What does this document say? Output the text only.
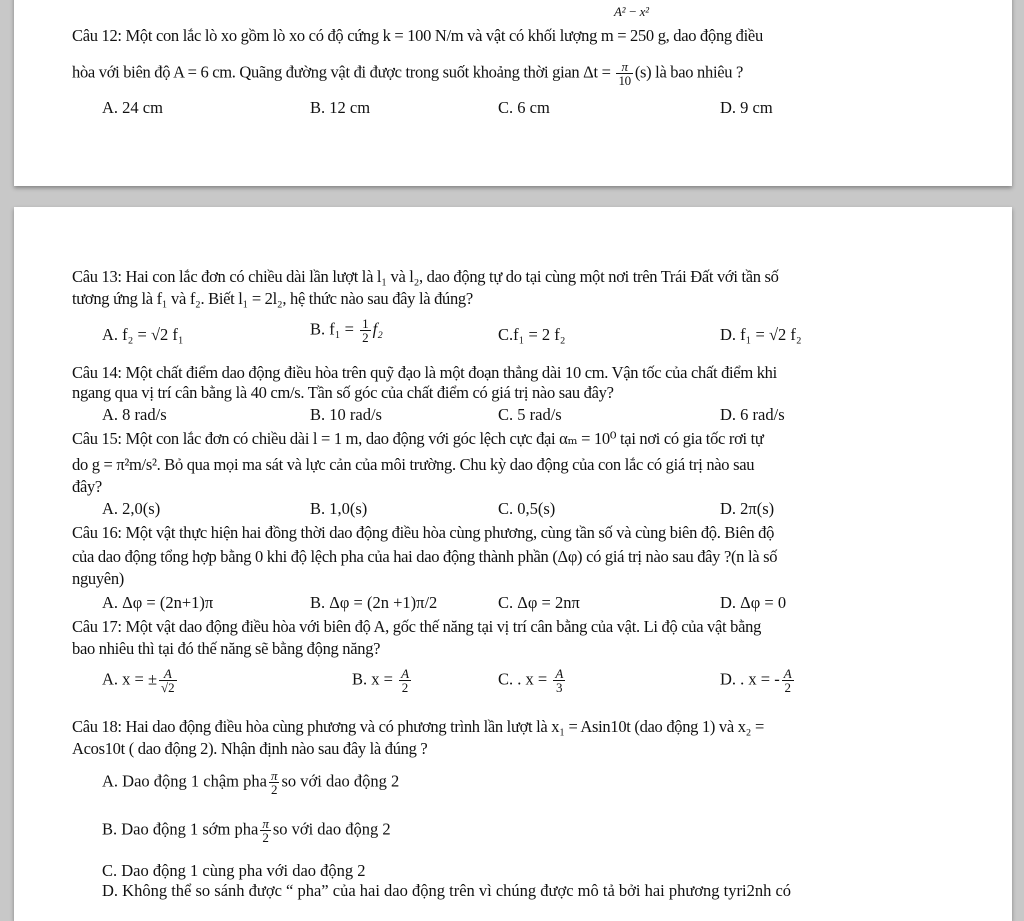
A² − x²
Câu 12: Một con lắc lò xo gồm lò xo có độ cứng k = 100 N/m và vật có khối lượng m = 250 g, dao động điều
hòa với biên độ A = 6 cm. Quãng đường vật đi được trong suốt khoảng thời gian $\Delta t = \frac{\pi}{10} (s)$ là bao nhiêu ?
A. 24 cm	B. 12 cm	C. 6 cm	D. 9 cm
Câu 13: Hai con lắc đơn có chiều dài lần lượt là l₁ và l₂, dao động tự do tại cùng một nơi trên Trái Đất với tần số
tương ứng là f₁ và f₂. Biết l₁ = 2l₂, hệ thức nào sau đây là đúng?
A. f₂ = √2 f₁	B. $f_1 = \frac{1}{2} f_2$	C.f₁ = 2 f₂	D. f₁ = √2 f₂
Câu 14: Một chất điểm dao động điều hòa trên quỹ đạo là một đoạn thẳng dài 10 cm. Vận tốc của chất điểm khi
ngang qua vị trí cân bằng là 40 cm/s. Tần số góc của chất điểm có giá trị nào sau đây?
A. 8 rad/s	B. 10 rad/s	C. 5 rad/s	D. 6 rad/s
Câu 15: Một con lắc đơn có chiều dài l = 1 m, dao động với góc lệch cực đại αₘ = 10⁰ tại nơi có gia tốc rơi tự
do g = π²m/s². Bỏ qua mọi ma sát và lực cản của môi trường. Chu kỳ dao động của con lắc có giá trị nào sau
đây?
A. 2,0(s)	B. 1,0(s)	C. 0,5(s)	D. 2π(s)
Câu 16: Một vật thực hiện hai đồng thời dao động điều hòa cùng phương, cùng tần số và cùng biên độ. Biên độ
của dao động tổng hợp bằng 0 khi độ lệch pha của hai dao động thành phần (Δφ) có giá trị nào sau đây ?(n là số
nguyên)
A. Δφ = (2n+1)π	B. Δφ = (2n +1)π/2	C. Δφ = 2nπ	D. Δφ = 0
Câu 17: Một vật dao động điều hòa với biên độ A, gốc thế năng tại vị trí cân bằng của vật. Li độ của vật bằng
bao nhiêu thì tại đó thế năng sẽ bằng động năng?
A. x = ± $\frac{A}{√2}$	B. $x = \frac{A}{2}$	C. . $x = \frac{A}{3}$	D. . x = - $\frac{A}{2}$
Câu 18: Hai dao động điều hòa cùng phương và có phương trình lần lượt là x₁ = Asin10t (dao động 1) và x₂ =
Acos10t ( dao động 2). Nhận định nào sau đây là đúng ?
A. Dao động 1 chậm pha $\frac{\pi}{2}$ so với dao động 2
B. Dao động 1 sớm pha $\frac{\pi}{2}$ so với dao động 2
C. Dao động 1 cùng pha với dao động 2
D. Không thể so sánh được “ pha” của hai dao động trên vì chúng được mô tả bởi hai phương tyri2nh có
